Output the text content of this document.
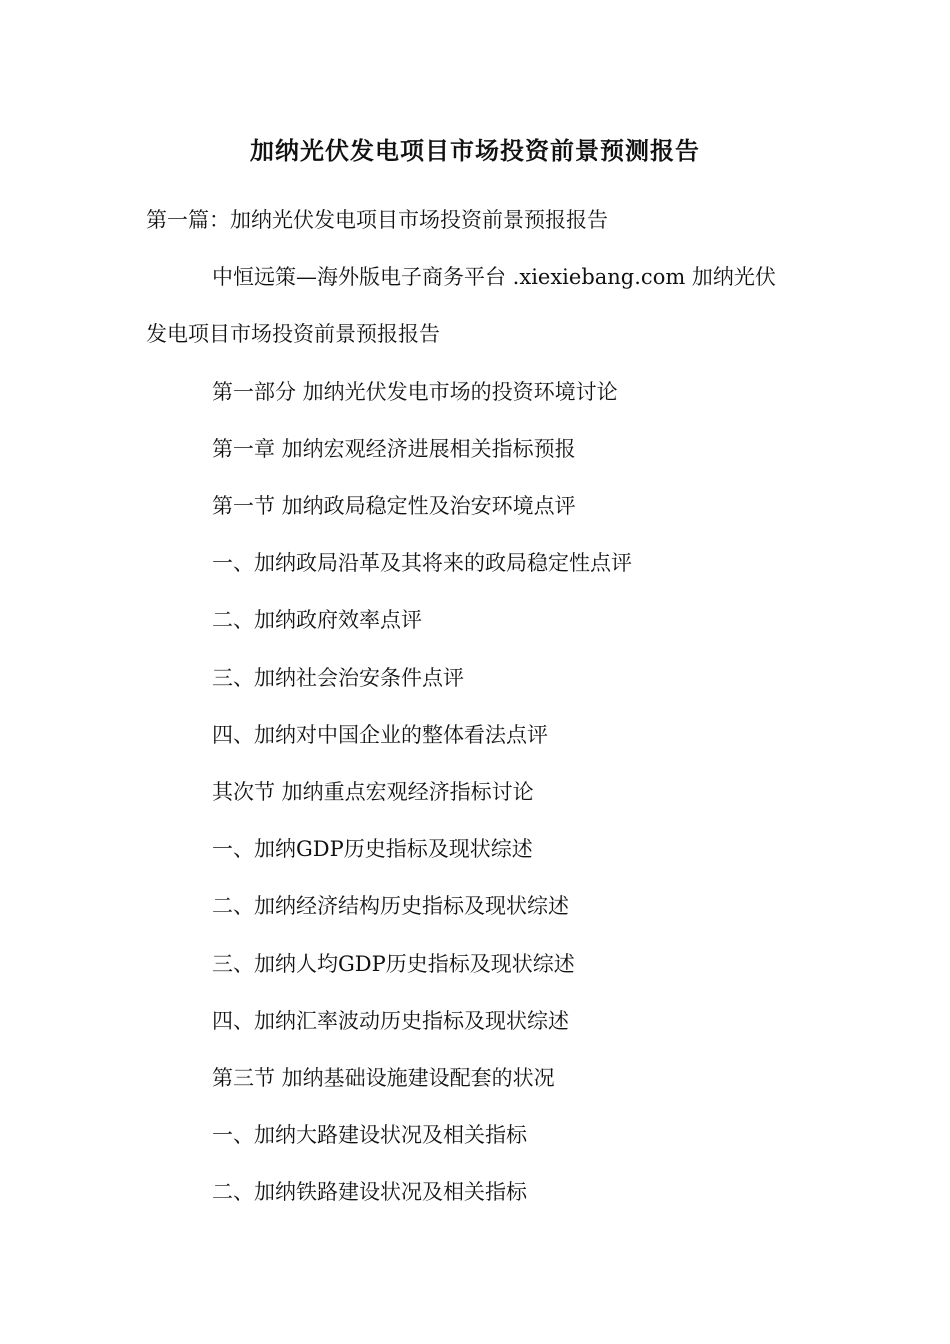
加纳光伏发电项目市场投资前景预测报告
第一篇：加纳光伏发电项目市场投资前景预报报告
中恒远策—海外版电子商务平台 .xiexiebang.com 加纳光伏
发电项目市场投资前景预报报告
第一部分 加纳光伏发电市场的投资环境讨论
第一章 加纳宏观经济进展相关指标预报
第一节 加纳政局稳定性及治安环境点评
一、加纳政局沿革及其将来的政局稳定性点评
二、加纳政府效率点评
三、加纳社会治安条件点评
四、加纳对中国企业的整体看法点评
其次节 加纳重点宏观经济指标讨论
一、加纳GDP历史指标及现状综述
二、加纳经济结构历史指标及现状综述
三、加纳人均GDP历史指标及现状综述
四、加纳汇率波动历史指标及现状综述
第三节 加纳基础设施建设配套的状况
一、加纳大路建设状况及相关指标
二、加纳铁路建设状况及相关指标
